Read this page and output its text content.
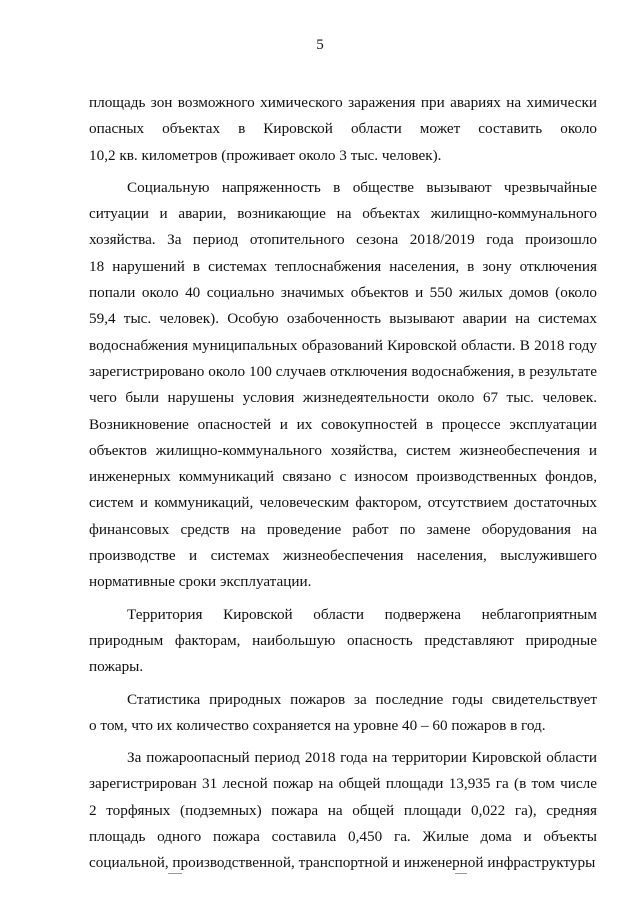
5

площадь зон возможного химического заражения при авариях на химически
опасных объектах в Кировской области может составить около
10,2 кв. километров (проживает около 3 тыс. человек).

Социальную напряженность в обществе вызывают чрезвычайные
ситуации и аварии, возникающие на объектах жилищно-коммунального
хозяйства. За период отопительного сезона 2018/2019 года произошло
18 нарушений в системах теплоснабжения населения, в зону отключения
попали около 40 социально значимых объектов и 550 жилых домов (около
59,4 тыс. человек). Особую озабоченность вызывают аварии на системах
водоснабжения муниципальных образований Кировской области. В 2018 году
зарегистрировано около 100 случаев отключения водоснабжения, в результате
чего были нарушены условия жизнедеятельности около 67 тыс. человек.
Возникновение опасностей и их совокупностей в процессе эксплуатации
объектов жилищно-коммунального хозяйства, систем жизнеобеспечения и
инженерных коммуникаций связано с износом производственных фондов,
систем и коммуникаций, человеческим фактором, отсутствием достаточных
финансовых средств на проведение работ по замене оборудования на
производстве и системах жизнеобеспечения населения, выслужившего
нормативные сроки эксплуатации.

Территория Кировской области подвержена неблагоприятным
природным факторам, наибольшую опасность представляют природные
пожары.

Статистика природных пожаров за последние годы свидетельствует
о том, что их количество сохраняется на уровне 40 – 60 пожаров в год.

За пожароопасный период 2018 года на территории Кировской области
зарегистрирован 31 лесной пожар на общей площади 13,935 га (в том числе
2 торфяных (подземных) пожара на общей площади 0,022 га), средняя
площадь одного пожара составила 0,450 га. Жилые дома и объекты
социальной, производственной, транспортной и инженерной инфраструктуры
